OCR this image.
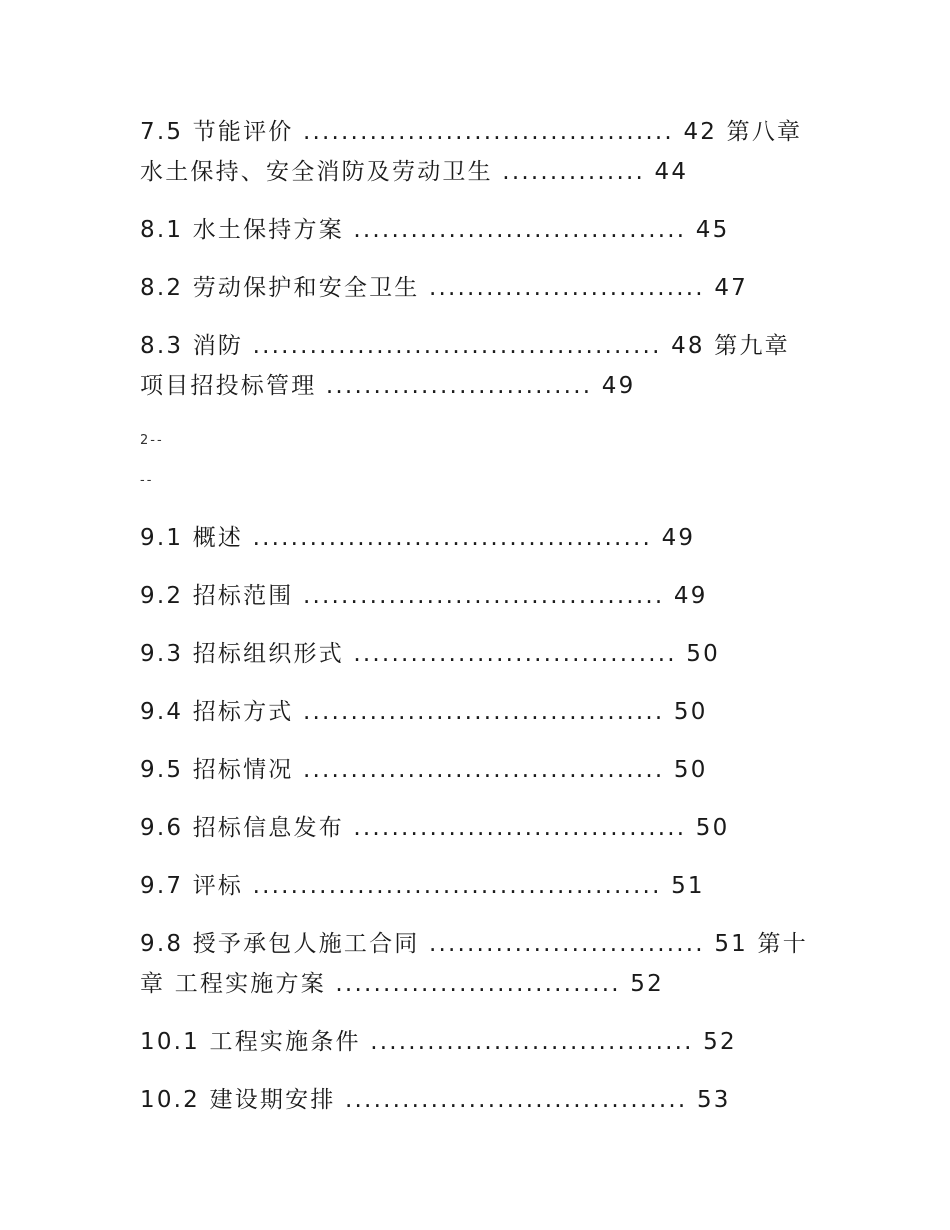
7.5 节能评价 ....................................... 42 第八章 水土保持、安全消防及劳动卫生 ............... 44

8.1 水土保持方案 ................................... 45

8.2 劳动保护和安全卫生 ............................. 47

8.3 消防 ........................................... 48 第九章 项目招投标管理 ............................ 49

2--

--

9.1 概述 .......................................... 49

9.2 招标范围 ...................................... 49

9.3 招标组织形式 .................................. 50

9.4 招标方式 ...................................... 50

9.5 招标情况 ...................................... 50

9.6 招标信息发布 ................................... 50

9.7 评标 ........................................... 51

9.8 授予承包人施工合同 ............................. 51 第十章 工程实施方案 .............................. 52

10.1 工程实施条件 .................................. 52

10.2 建设期安排 .................................... 53
